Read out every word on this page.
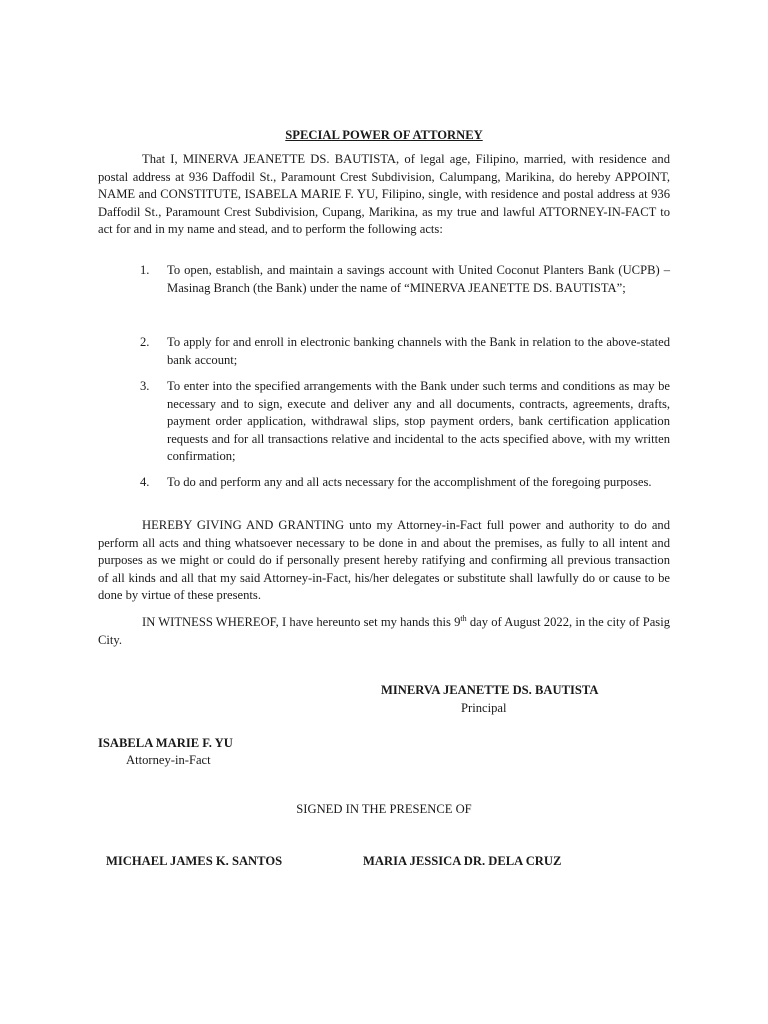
SPECIAL POWER OF ATTORNEY

That I, MINERVA JEANETTE DS. BAUTISTA, of legal age, Filipino, married, with residence and postal address at 936 Daffodil St., Paramount Crest Subdivision, Calumpang, Marikina, do hereby APPOINT, NAME and CONSTITUTE, ISABELA MARIE F. YU, Filipino, single, with residence and postal address at 936 Daffodil St., Paramount Crest Subdivision, Cupang, Marikina, as my true and lawful ATTORNEY-IN-FACT to act for and in my name and stead, and to perform the following acts:

1.	To open, establish, and maintain a savings account with United Coconut Planters Bank (UCPB) – Masinag Branch (the Bank) under the name of “MINERVA JEANETTE DS. BAUTISTA”;
2.	To apply for and enroll in electronic banking channels with the Bank in relation to the above-stated bank account;
3.	To enter into the specified arrangements with the Bank under such terms and conditions as may be necessary and to sign, execute and deliver any and all documents, contracts, agreements, drafts, payment order application, withdrawal slips, stop payment orders, bank certification application requests and for all transactions relative and incidental to the acts specified above, with my written confirmation;
4.	To do and perform any and all acts necessary for the accomplishment of the foregoing purposes.

HEREBY GIVING AND GRANTING unto my Attorney-in-Fact full power and authority to do and perform all acts and thing whatsoever necessary to be done in and about the premises, as fully to all intent and purposes as we might or could do if personally present hereby ratifying and confirming all previous transaction of all kinds and all that my said Attorney-in-Fact, his/her delegates or substitute shall lawfully do or cause to be done by virtue of these presents.

IN WITNESS WHEREOF, I have hereunto set my hands this 9th day of August 2022, in the city of Pasig City.

MINERVA JEANETTE DS. BAUTISTA
Principal
ISABELA MARIE F. YU
Attorney-in-Fact
SIGNED IN THE PRESENCE OF
MICHAEL JAMES K. SANTOS	MARIA JESSICA DR. DELA CRUZ
